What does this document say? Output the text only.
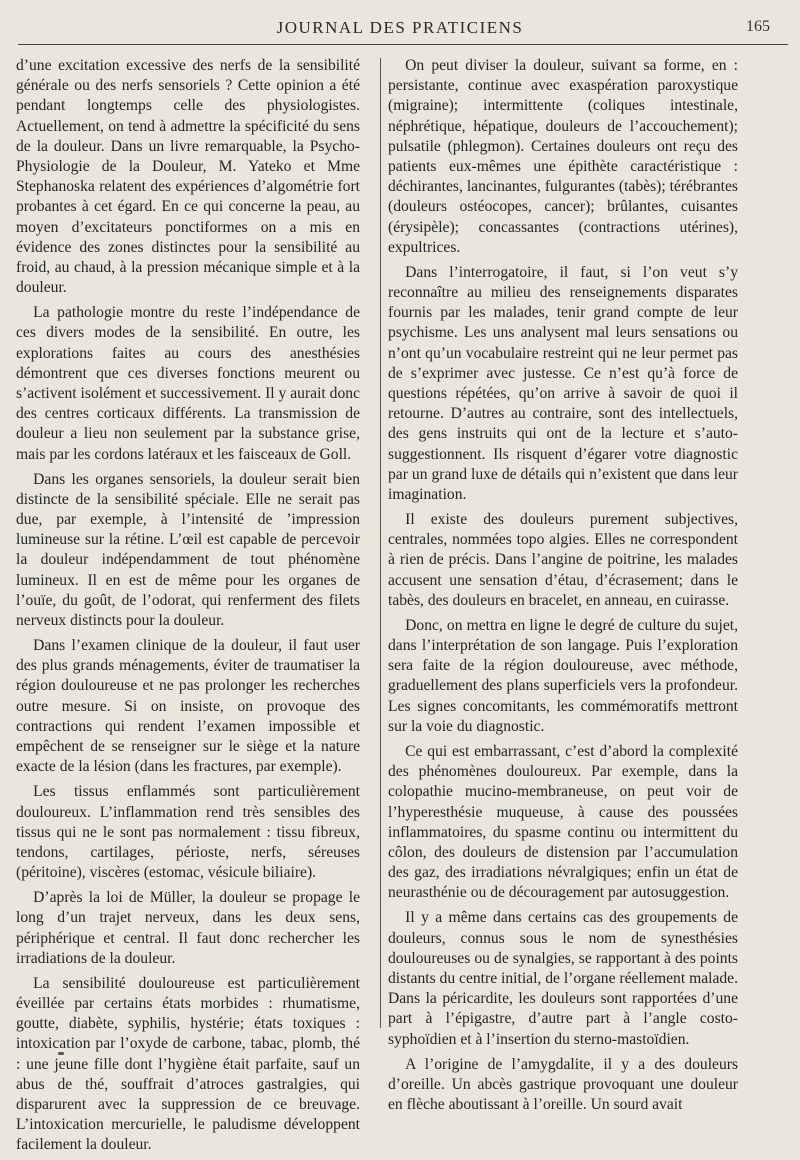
JOURNAL DES PRATICIENS	165

d’une excitation excessive des nerfs de la sensibilité générale ou des nerfs sensoriels ? Cette opinion a été pendant longtemps celle des physiologistes. Actuellement, on tend à admettre la spécificité du sens de la douleur. Dans un livre remarquable, la Psycho-Physiologie de la Douleur, M. Yateko et Mme Stephanoska relatent des expériences d’algométrie fort probantes à cet égard. En ce qui concerne la peau, au moyen d’excitateurs ponctiformes on a mis en évidence des zones distinctes pour la sensibilité au froid, au chaud, à la pression mécanique simple et à la douleur.

La pathologie montre du reste l’indépendance de ces divers modes de la sensibilité. En outre, les explorations faites au cours des anesthésies démontrent que ces diverses fonctions meurent ou s’activent isolément et successivement. Il y aurait donc des centres corticaux différents. La transmission de douleur a lieu non seulement par la substance grise, mais par les cordons latéraux et les faisceaux de Goll.

Dans les organes sensoriels, la douleur serait bien distincte de la sensibilité spéciale. Elle ne serait pas due, par exemple, à l’intensité de ’impression lumineuse sur la rétine. L’œil est capable de percevoir la douleur indépendamment de tout phénomène lumineux. Il en est de même pour les organes de l’ouïe, du goût, de l’odorat, qui renferment des filets nerveux distincts pour la douleur.

Dans l’examen clinique de la douleur, il faut user des plus grands ménagements, éviter de traumatiser la région douloureuse et ne pas prolonger les recherches outre mesure. Si on insiste, on provoque des contractions qui rendent l’examen impossible et empêchent de se renseigner sur le siège et la nature exacte de la lésion (dans les fractures, par exemple).

Les tissus enflammés sont particulièrement douloureux. L’inflammation rend très sensibles des tissus qui ne le sont pas normalement : tissu fibreux, tendons, cartilages, périoste, nerfs, séreuses (péritoine), viscères (estomac, vésicule biliaire).

D’après la loi de Müller, la douleur se propage le long d’un trajet nerveux, dans les deux sens, périphérique et central. Il faut donc rechercher les irradiations de la douleur.

La sensibilité douloureuse est particulièrement éveillée par certains états morbides : rhumatisme, goutte, diabète, syphilis, hystérie; états toxiques : intoxication par l’oxyde de carbone, tabac, plomb, thé : une jeune fille dont l’hygiène était parfaite, sauf un abus de thé, souffrait d’atroces gastralgies, qui disparurent avec la suppression de ce breuvage. L’intoxication mercurielle, le paludisme développent facilement la douleur.

On peut diviser la douleur, suivant sa forme, en : persistante, continue avec exaspération paroxystique (migraine); intermittente (coliques intestinale, néphrétique, hépatique, douleurs de l’accouchement); pulsatile (phlegmon). Certaines douleurs ont reçu des patients eux-mêmes une épithète caractéristique : déchirantes, lancinantes, fulgurantes (tabès); térébrantes (douleurs ostéocopes, cancer); brûlantes, cuisantes (érysipèle); concassantes (contractions utérines), expultrices.

Dans l’interrogatoire, il faut, si l’on veut s’y reconnaître au milieu des renseignements disparates fournis par les malades, tenir grand compte de leur psychisme. Les uns analysent mal leurs sensations ou n’ont qu’un vocabulaire restreint qui ne leur permet pas de s’exprimer avec justesse. Ce n’est qu’à force de questions répétées, qu’on arrive à savoir de quoi il retourne. D’autres au contraire, sont des intellectuels, des gens instruits qui ont de la lecture et s’auto-suggestionnent. Ils risquent d’égarer votre diagnostic par un grand luxe de détails qui n’existent que dans leur imagination.

Il existe des douleurs purement subjectives, centrales, nommées topo algies. Elles ne correspondent à rien de précis. Dans l’angine de poitrine, les malades accusent une sensation d’étau, d’écrasement; dans le tabès, des douleurs en bracelet, en anneau, en cuirasse.

Donc, on mettra en ligne le degré de culture du sujet, dans l’interprétation de son langage. Puis l’exploration sera faite de la région douloureuse, avec méthode, graduellement des plans superficiels vers la profondeur. Les signes concomitants, les commémoratifs mettront sur la voie du diagnostic.

Ce qui est embarrassant, c’est d’abord la complexité des phénomènes douloureux. Par exemple, dans la colopathie mucino-membraneuse, on peut voir de l’hyperesthésie muqueuse, à cause des poussées inflammatoires, du spasme continu ou intermittent du côlon, des douleurs de distension par l’accumulation des gaz, des irradiations névralgiques; enfin un état de neurasthénie ou de découragement par autosuggestion.

Il y a même dans certains cas des groupements de douleurs, connus sous le nom de synesthésies douloureuses ou de synalgies, se rapportant à des points distants du centre initial, de l’organe réellement malade. Dans la péricardite, les douleurs sont rapportées d’une part à l’épigastre, d’autre part à l’angle costo-syphoïdien et à l’insertion du sterno-mastoïdien.

A l’origine de l’amygdalite, il y a des douleurs d’oreille. Un abcès gastrique provoquant une douleur en flèche aboutissant à l’oreille. Un sourd avait
